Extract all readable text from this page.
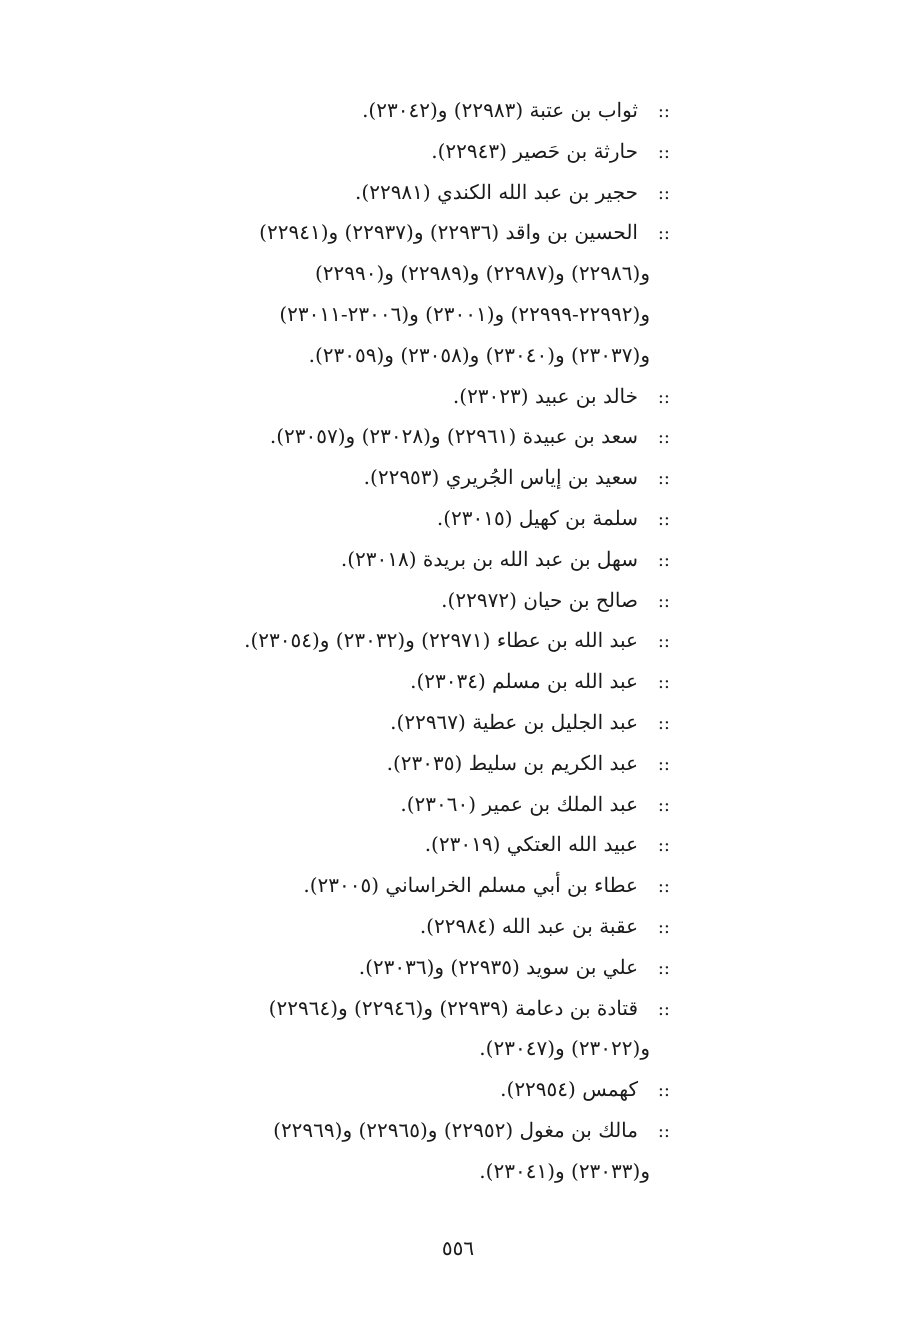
::ثواب بن عتبة (٢٢٩٨٣) و(٢٣٠٤٢).
::حارثة بن حَصير (٢٢٩٤٣).
::حجير بن عبد الله الكندي (٢٢٩٨١).
::الحسين بن واقد (٢٢٩٣٦) و(٢٢٩٣٧) و(٢٢٩٤١)
و(٢٢٩٨٦) و(٢٢٩٨٧) و(٢٢٩٨٩) و(٢٢٩٩٠)
و(٢٢٩٩٢-٢٢٩٩٩) و(٢٣٠٠١) و(٢٣٠٠٦-٢٣٠١١)
و(٢٣٠٣٧) و(٢٣٠٤٠) و(٢٣٠٥٨) و(٢٣٠٥٩).
::خالد بن عبيد (٢٣٠٢٣).
::سعد بن عبيدة (٢٢٩٦١) و(٢٣٠٢٨) و(٢٣٠٥٧).
::سعيد بن إياس الجُريري (٢٢٩٥٣).
::سلمة بن كهيل (٢٣٠١٥).
::سهل بن عبد الله بن بريدة (٢٣٠١٨).
::صالح بن حيان (٢٢٩٧٢).
::عبد الله بن عطاء (٢٢٩٧١) و(٢٣٠٣٢) و(٢٣٠٥٤).
::عبد الله بن مسلم (٢٣٠٣٤).
::عبد الجليل بن عطية (٢٢٩٦٧).
::عبد الكريم بن سليط (٢٣٠٣٥).
::عبد الملك بن عمير (٢٣٠٦٠).
::عبيد الله العتكي (٢٣٠١٩).
::عطاء بن أبي مسلم الخراساني (٢٣٠٠٥).
::عقبة بن عبد الله (٢٢٩٨٤).
::علي بن سويد (٢٢٩٣٥) و(٢٣٠٣٦).
::قتادة بن دعامة (٢٢٩٣٩) و(٢٢٩٤٦) و(٢٢٩٦٤)
و(٢٣٠٢٢) و(٢٣٠٤٧).
::كهمس (٢٢٩٥٤).
::مالك بن مغول (٢٢٩٥٢) و(٢٢٩٦٥) و(٢٢٩٦٩)
و(٢٣٠٣٣) و(٢٣٠٤١).
٥٥٦
